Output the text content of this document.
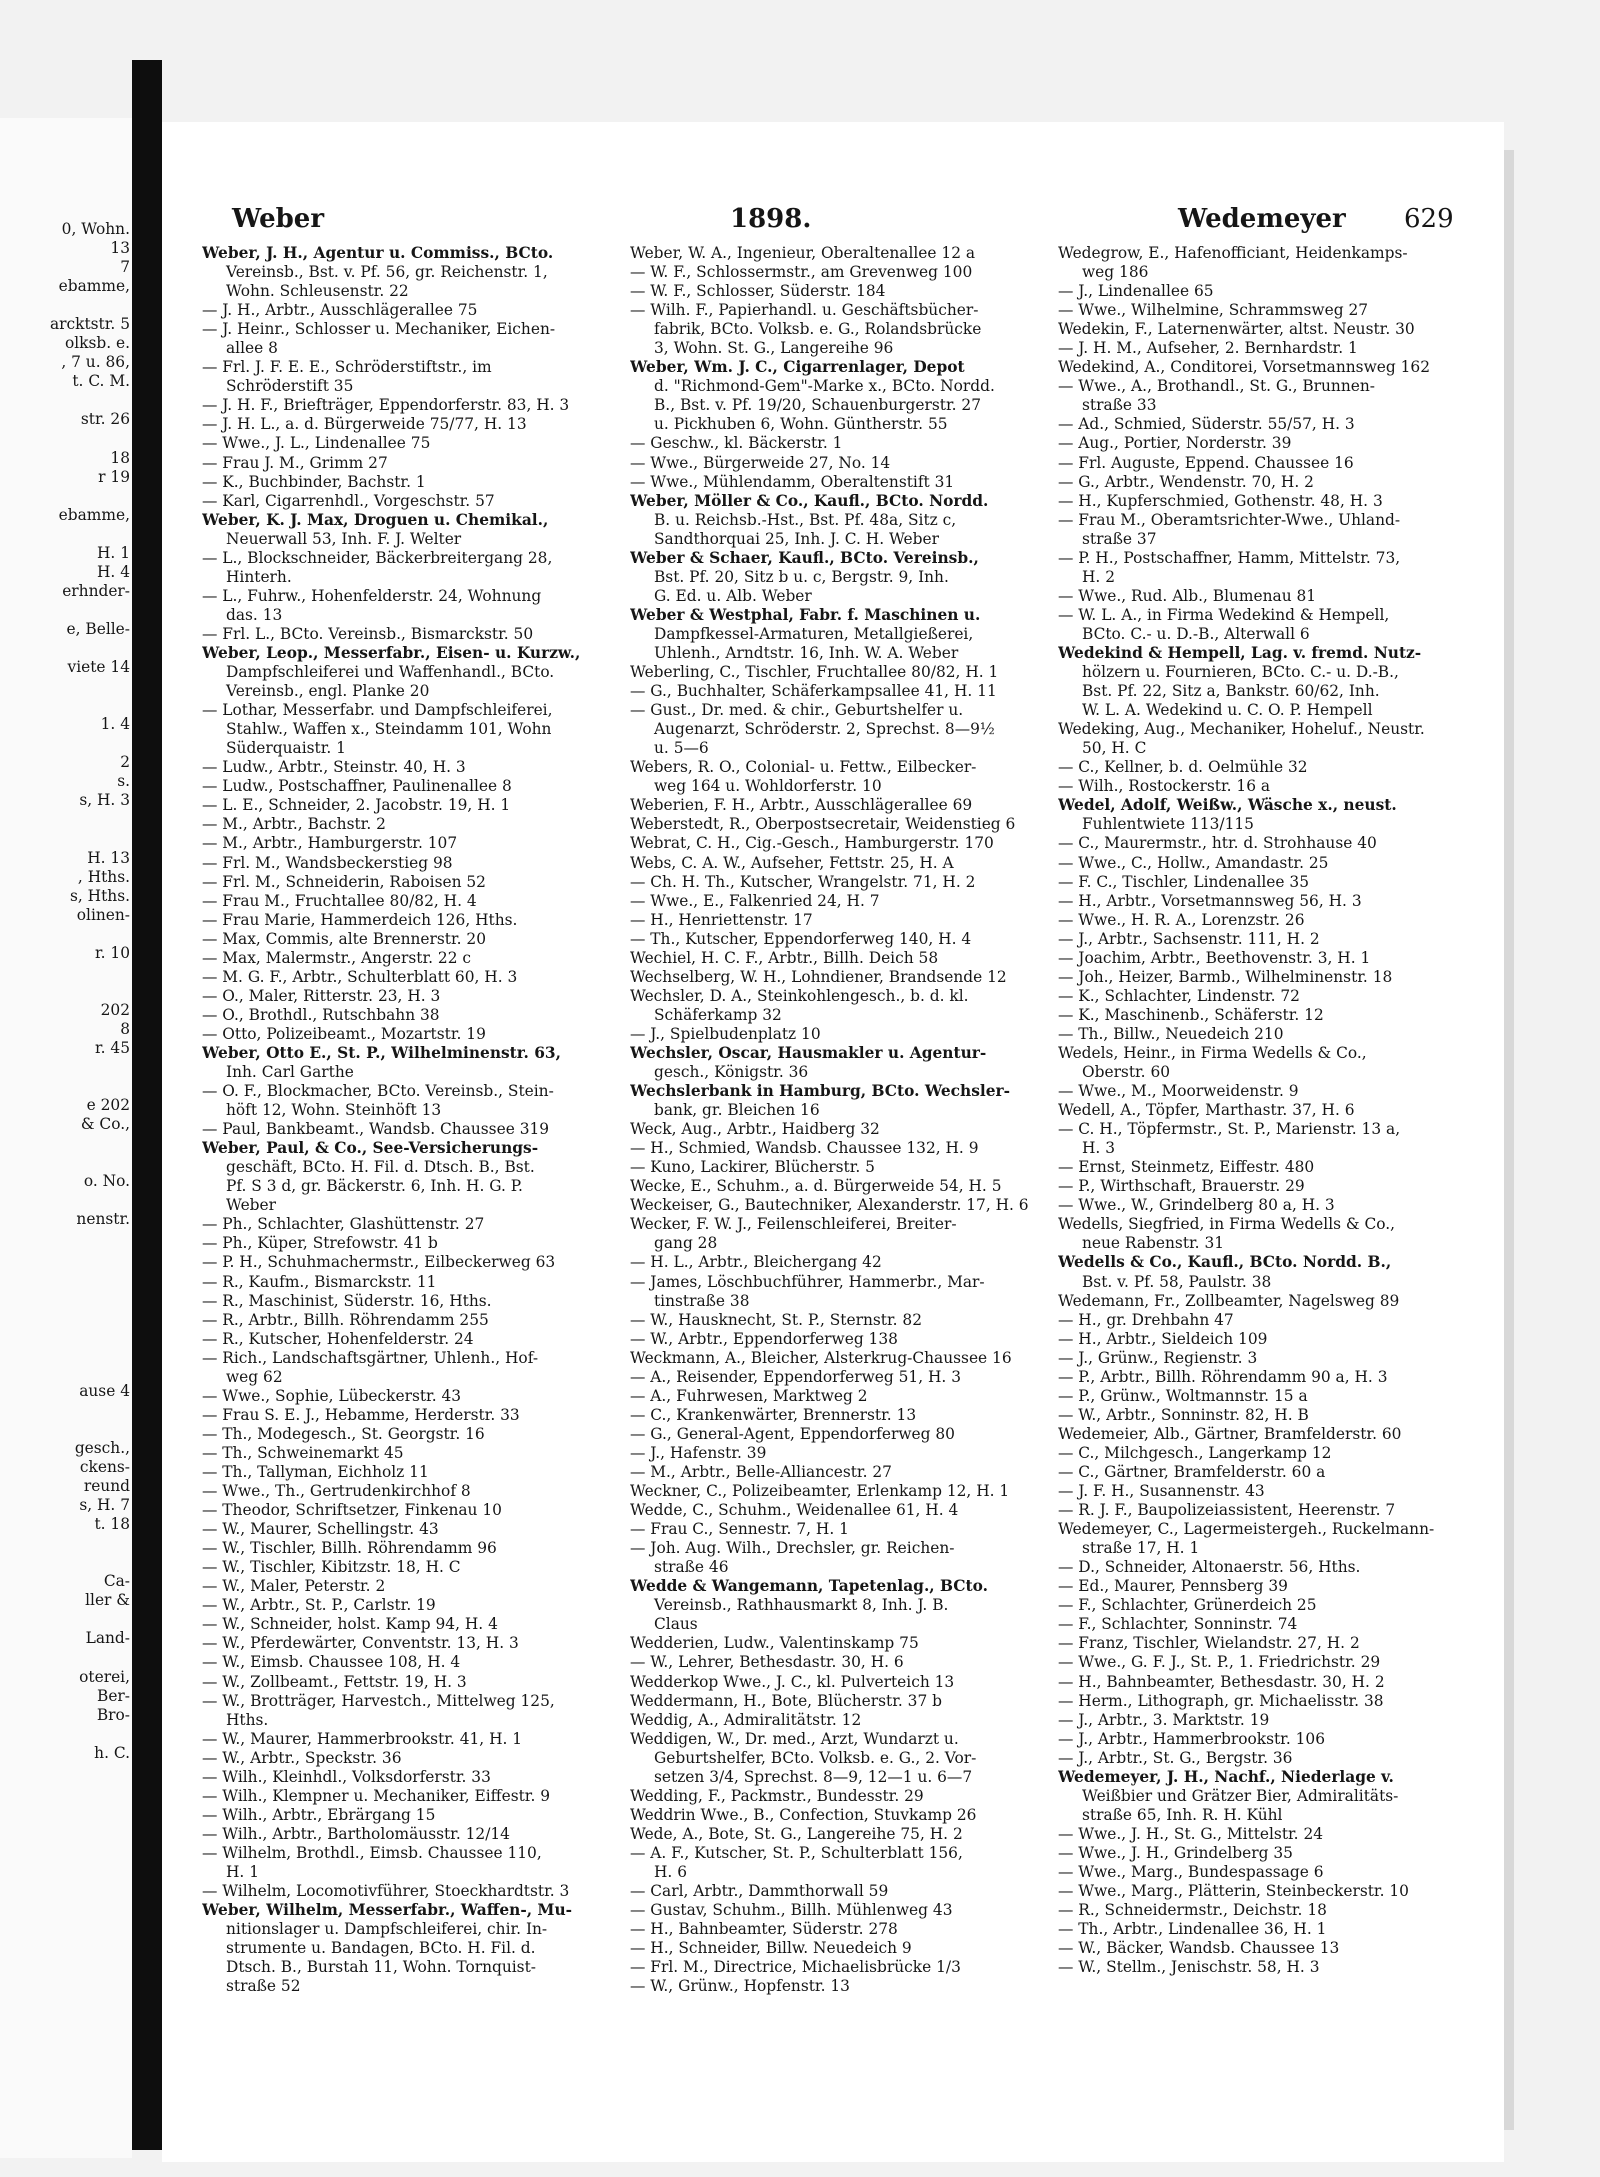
0, Wohn.
13
7
ebamme,
arcktstr. 5
olksb. e.
, 7 u. 86,
t. C. M.
str. 26
18
r 19
ebamme,
H. 1
H. 4
erhnder-
e, Belle-
viete 14
1. 4
2
s.
s, H. 3
H. 13
, Hths.
s, Hths.
olinen-
r. 10
202
8
r. 45
e 202
& Co.,
o. No.
nenstr.
ause 4
gesch.,
ckens-
reund
s, H. 7
t. 18
Ca-
ller &
Land-
oterei,
Ber-
Bro-
h. C.
Weber	1898.	Wedemeyer 629
Weber, J. H., Agentur u. Commiss., BCto.
Vereinsb., Bst. v. Pf. 56, gr. Reichenstr. 1,
Wohn. Schleusenstr. 22
— J. H., Arbtr., Ausschlägerallee 75
— J. Heinr., Schlosser u. Mechaniker, Eichen-
allee 8
— Frl. J. F. E. E., Schröderstiftstr., im
Schröderstift 35
— J. H. F., Briefträger, Eppendorferstr. 83, H. 3
— J. H. L., a. d. Bürgerweide 75/77, H. 13
— Wwe., J. L., Lindenallee 75
— Frau J. M., Grimm 27
— K., Buchbinder, Bachstr. 1
— Karl, Cigarrenhdl., Vorgeschstr. 57
Weber, K. J. Max, Droguen u. Chemikal.,
Neuerwall 53, Inh. F. J. Welter
— L., Blockschneider, Bäckerbreitergang 28,
Hinterh.
— L., Fuhrw., Hohenfelderstr. 24, Wohnung
das. 13
— Frl. L., BCto. Vereinsb., Bismarckstr. 50
Weber, Leop., Messerfabr., Eisen- u. Kurzw.,
Dampfschleiferei und Waffenhandl., BCto.
Vereinsb., engl. Planke 20
— Lothar, Messerfabr. und Dampfschleiferei,
Stahlw., Waffen x., Steindamm 101, Wohn
Süderquaistr. 1
— Ludw., Arbtr., Steinstr. 40, H. 3
— Ludw., Postschaffner, Paulinenallee 8
— L. E., Schneider, 2. Jacobstr. 19, H. 1
— M., Arbtr., Bachstr. 2
— M., Arbtr., Hamburgerstr. 107
— Frl. M., Wandsbeckerstieg 98
— Frl. M., Schneiderin, Raboisen 52
— Frau M., Fruchtallee 80/82, H. 4
— Frau Marie, Hammerdeich 126, Hths.
— Max, Commis, alte Brennerstr. 20
— Max, Malermstr., Angerstr. 22 c
— M. G. F., Arbtr., Schulterblatt 60, H. 3
— O., Maler, Ritterstr. 23, H. 3
— O., Brothdl., Rutschbahn 38
— Otto, Polizeibeamt., Mozartstr. 19
Weber, Otto E., St. P., Wilhelminenstr. 63,
Inh. Carl Garthe
— O. F., Blockmacher, BCto. Vereinsb., Stein-
höft 12, Wohn. Steinhöft 13
— Paul, Bankbeamt., Wandsb. Chaussee 319
Weber, Paul, & Co., See-Versicherungs-
geschäft, BCto. H. Fil. d. Dtsch. B., Bst.
Pf. S 3 d, gr. Bäckerstr. 6, Inh. H. G. P.
Weber
— Ph., Schlachter, Glashüttenstr. 27
— Ph., Küper, Strefowstr. 41 b
— P. H., Schuhmachermstr., Eilbeckerweg 63
— R., Kaufm., Bismarckstr. 11
— R., Maschinist, Süderstr. 16, Hths.
— R., Arbtr., Billh. Röhrendamm 255
— R., Kutscher, Hohenfelderstr. 24
— Rich., Landschaftsgärtner, Uhlenh., Hof-
weg 62
— Wwe., Sophie, Lübeckerstr. 43
— Frau S. E. J., Hebamme, Herderstr. 33
— Th., Modegesch., St. Georgstr. 16
— Th., Schweinemarkt 45
— Th., Tallyman, Eichholz 11
— Wwe., Th., Gertrudenkirchhof 8
— Theodor, Schriftsetzer, Finkenau 10
— W., Maurer, Schellingstr. 43
— W., Tischler, Billh. Röhrendamm 96
— W., Tischler, Kibitzstr. 18, H. C
— W., Maler, Peterstr. 2
— W., Arbtr., St. P., Carlstr. 19
— W., Schneider, holst. Kamp 94, H. 4
— W., Pferdewärter, Conventstr. 13, H. 3
— W., Eimsb. Chaussee 108, H. 4
— W., Zollbeamt., Fettstr. 19, H. 3
— W., Brotträger, Harvestch., Mittelweg 125,
Hths.
— W., Maurer, Hammerbrookstr. 41, H. 1
— W., Arbtr., Speckstr. 36
— Wilh., Kleinhdl., Volksdorferstr. 33
— Wilh., Klempner u. Mechaniker, Eiffestr. 9
— Wilh., Arbtr., Ebrärgang 15
— Wilh., Arbtr., Bartholomäusstr. 12/14
— Wilhelm, Brothdl., Eimsb. Chaussee 110,
H. 1
— Wilhelm, Locomotivführer, Stoeckhardtstr. 3
Weber, Wilhelm, Messerfabr., Waffen-, Mu-
nitionslager u. Dampfschleiferei, chir. In-
strumente u. Bandagen, BCto. H. Fil. d.
Dtsch. B., Burstah 11, Wohn. Tornquist-
straße 52
Weber, W. A., Ingenieur, Oberaltenallee 12 a
— W. F., Schlossermstr., am Grevenweg 100
— W. F., Schlosser, Süderstr. 184
— Wilh. F., Papierhandl. u. Geschäftsbücher-
fabrik, BCto. Volksb. e. G., Rolandsbrücke
3, Wohn. St. G., Langereihe 96
Weber, Wm. J. C., Cigarrenlager, Depot
d. "Richmond-Gem"-Marke x., BCto. Nordd.
B., Bst. v. Pf. 19/20, Schauenburgerstr. 27
u. Pickhuben 6, Wohn. Güntherstr. 55
— Geschw., kl. Bäckerstr. 1
— Wwe., Bürgerweide 27, No. 14
— Wwe., Mühlendamm, Oberaltenstift 31
Weber, Möller & Co., Kaufl., BCto. Nordd.
B. u. Reichsb.-Hst., Bst. Pf. 48a, Sitz c,
Sandthorquai 25, Inh. J. C. H. Weber
Weber & Schaer, Kaufl., BCto. Vereinsb.,
Bst. Pf. 20, Sitz b u. c, Bergstr. 9, Inh.
G. Ed. u. Alb. Weber
Weber & Westphal, Fabr. f. Maschinen u.
Dampfkessel-Armaturen, Metallgießerei,
Uhlenh., Arndtstr. 16, Inh. W. A. Weber
Weberling, C., Tischler, Fruchtallee 80/82, H. 1
— G., Buchhalter, Schäferkampsallee 41, H. 11
— Gust., Dr. med. & chir., Geburtshelfer u.
Augenarzt, Schröderstr. 2, Sprechst. 8—9½
u. 5—6
Webers, R. O., Colonial- u. Fettw., Eilbecker-
weg 164 u. Wohldorferstr. 10
Weberien, F. H., Arbtr., Ausschlägerallee 69
Weberstedt, R., Oberpostsecretair, Weidenstieg 6
Webrat, C. H., Cig.-Gesch., Hamburgerstr. 170
Webs, C. A. W., Aufseher, Fettstr. 25, H. A
— Ch. H. Th., Kutscher, Wrangelstr. 71, H. 2
— Wwe., E., Falkenried 24, H. 7
— H., Henriettenstr. 17
— Th., Kutscher, Eppendorferweg 140, H. 4
Wechiel, H. C. F., Arbtr., Billh. Deich 58
Wechselberg, W. H., Lohndiener, Brandsende 12
Wechsler, D. A., Steinkohlengesch., b. d. kl.
Schäferkamp 32
— J., Spielbudenplatz 10
Wechsler, Oscar, Hausmakler u. Agentur-
gesch., Königstr. 36
Wechslerbank in Hamburg, BCto. Wechsler-
bank, gr. Bleichen 16
Weck, Aug., Arbtr., Haidberg 32
— H., Schmied, Wandsb. Chaussee 132, H. 9
— Kuno, Lackirer, Blücherstr. 5
Wecke, E., Schuhm., a. d. Bürgerweide 54, H. 5
Weckeiser, G., Bautechniker, Alexanderstr. 17, H. 6
Wecker, F. W. J., Feilenschleiferei, Breiter-
gang 28
— H. L., Arbtr., Bleichergang 42
— James, Löschbuchführer, Hammerbr., Mar-
tinstraße 38
— W., Hausknecht, St. P., Sternstr. 82
— W., Arbtr., Eppendorferweg 138
Weckmann, A., Bleicher, Alsterkrug-Chaussee 16
— A., Reisender, Eppendorferweg 51, H. 3
— A., Fuhrwesen, Marktweg 2
— C., Krankenwärter, Brennerstr. 13
— G., General-Agent, Eppendorferweg 80
— J., Hafenstr. 39
— M., Arbtr., Belle-Alliancestr. 27
Weckner, C., Polizeibeamter, Erlenkamp 12, H. 1
Wedde, C., Schuhm., Weidenallee 61, H. 4
— Frau C., Sennestr. 7, H. 1
— Joh. Aug. Wilh., Drechsler, gr. Reichen-
straße 46
Wedde & Wangemann, Tapetenlag., BCto.
Vereinsb., Rathhausmarkt 8, Inh. J. B.
Claus
Wedderien, Ludw., Valentinskamp 75
— W., Lehrer, Bethesdastr. 30, H. 6
Wedderkop Wwe., J. C., kl. Pulverteich 13
Weddermann, H., Bote, Blücherstr. 37 b
Weddig, A., Admiralitätstr. 12
Weddigen, W., Dr. med., Arzt, Wundarzt u.
Geburtshelfer, BCto. Volksb. e. G., 2. Vor-
setzen 3/4, Sprechst. 8—9, 12—1 u. 6—7
Wedding, F., Packmstr., Bundesstr. 29
Weddrin Wwe., B., Confection, Stuvkamp 26
Wede, A., Bote, St. G., Langereihe 75, H. 2
— A. F., Kutscher, St. P., Schulterblatt 156,
H. 6
— Carl, Arbtr., Dammthorwall 59
— Gustav, Schuhm., Billh. Mühlenweg 43
— H., Bahnbeamter, Süderstr. 278
— H., Schneider, Billw. Neuedeich 9
— Frl. M., Directrice, Michaelisbrücke 1/3
— W., Grünw., Hopfenstr. 13
Wedegrow, E., Hafenofficiant, Heidenkamps-
weg 186
— J., Lindenallee 65
— Wwe., Wilhelmine, Schrammsweg 27
Wedekin, F., Laternenwärter, altst. Neustr. 30
— J. H. M., Aufseher, 2. Bernhardstr. 1
Wedekind, A., Conditorei, Vorsetmannsweg 162
— Wwe., A., Brothandl., St. G., Brunnen-
straße 33
— Ad., Schmied, Süderstr. 55/57, H. 3
— Aug., Portier, Norderstr. 39
— Frl. Auguste, Eppend. Chaussee 16
— G., Arbtr., Wendenstr. 70, H. 2
— H., Kupferschmied, Gothenstr. 48, H. 3
— Frau M., Oberamtsrichter-Wwe., Uhland-
straße 37
— P. H., Postschaffner, Hamm, Mittelstr. 73,
H. 2
— Wwe., Rud. Alb., Blumenau 81
— W. L. A., in Firma Wedekind & Hempell,
BCto. C.- u. D.-B., Alterwall 6
Wedekind & Hempell, Lag. v. fremd. Nutz-
hölzern u. Fournieren, BCto. C.- u. D.-B.,
Bst. Pf. 22, Sitz a, Bankstr. 60/62, Inh.
W. L. A. Wedekind u. C. O. P. Hempell
Wedeking, Aug., Mechaniker, Hoheluf., Neustr.
50, H. C
— C., Kellner, b. d. Oelmühle 32
— Wilh., Rostockerstr. 16 a
Wedel, Adolf, Weißw., Wäsche x., neust.
Fuhlentwiete 113/115
— C., Maurermstr., htr. d. Strohhause 40
— Wwe., C., Hollw., Amandastr. 25
— F. C., Tischler, Lindenallee 35
— H., Arbtr., Vorsetmannsweg 56, H. 3
— Wwe., H. R. A., Lorenzstr. 26
— J., Arbtr., Sachsenstr. 111, H. 2
— Joachim, Arbtr., Beethovenstr. 3, H. 1
— Joh., Heizer, Barmb., Wilhelminenstr. 18
— K., Schlachter, Lindenstr. 72
— K., Maschinenb., Schäferstr. 12
— Th., Billw., Neuedeich 210
Wedels, Heinr., in Firma Wedells & Co.,
Oberstr. 60
— Wwe., M., Moorweidenstr. 9
Wedell, A., Töpfer, Marthastr. 37, H. 6
— C. H., Töpfermstr., St. P., Marienstr. 13 a,
H. 3
— Ernst, Steinmetz, Eiffestr. 480
— P., Wirthschaft, Brauerstr. 29
— Wwe., W., Grindelberg 80 a, H. 3
Wedells, Siegfried, in Firma Wedells & Co.,
neue Rabenstr. 31
Wedells & Co., Kaufl., BCto. Nordd. B.,
Bst. v. Pf. 58, Paulstr. 38
Wedemann, Fr., Zollbeamter, Nagelsweg 89
— H., gr. Drehbahn 47
— H., Arbtr., Sieldeich 109
— J., Grünw., Regienstr. 3
— P., Arbtr., Billh. Röhrendamm 90 a, H. 3
— P., Grünw., Woltmannstr. 15 a
— W., Arbtr., Sonninstr. 82, H. B
Wedemeier, Alb., Gärtner, Bramfelderstr. 60
— C., Milchgesch., Langerkamp 12
— C., Gärtner, Bramfelderstr. 60 a
— J. F. H., Susannenstr. 43
— R. J. F., Baupolizeiassistent, Heerenstr. 7
Wedemeyer, C., Lagermeistergeh., Ruckelmann-
straße 17, H. 1
— D., Schneider, Altonaerstr. 56, Hths.
— Ed., Maurer, Pennsberg 39
— F., Schlachter, Grünerdeich 25
— F., Schlachter, Sonninstr. 74
— Franz, Tischler, Wielandstr. 27, H. 2
— Wwe., G. F. J., St. P., 1. Friedrichstr. 29
— H., Bahnbeamter, Bethesdastr. 30, H. 2
— Herm., Lithograph, gr. Michaelisstr. 38
— J., Arbtr., 3. Marktstr. 19
— J., Arbtr., Hammerbrookstr. 106
— J., Arbtr., St. G., Bergstr. 36
Wedemeyer, J. H., Nachf., Niederlage v.
Weißbier und Grätzer Bier, Admiralitäts-
straße 65, Inh. R. H. Kühl
— Wwe., J. H., St. G., Mittelstr. 24
— Wwe., J. H., Grindelberg 35
— Wwe., Marg., Bundespassage 6
— Wwe., Marg., Plätterin, Steinbeckerstr. 10
— R., Schneidermstr., Deichstr. 18
— Th., Arbtr., Lindenallee 36, H. 1
— W., Bäcker, Wandsb. Chaussee 13
— W., Stellm., Jenischstr. 58, H. 3
